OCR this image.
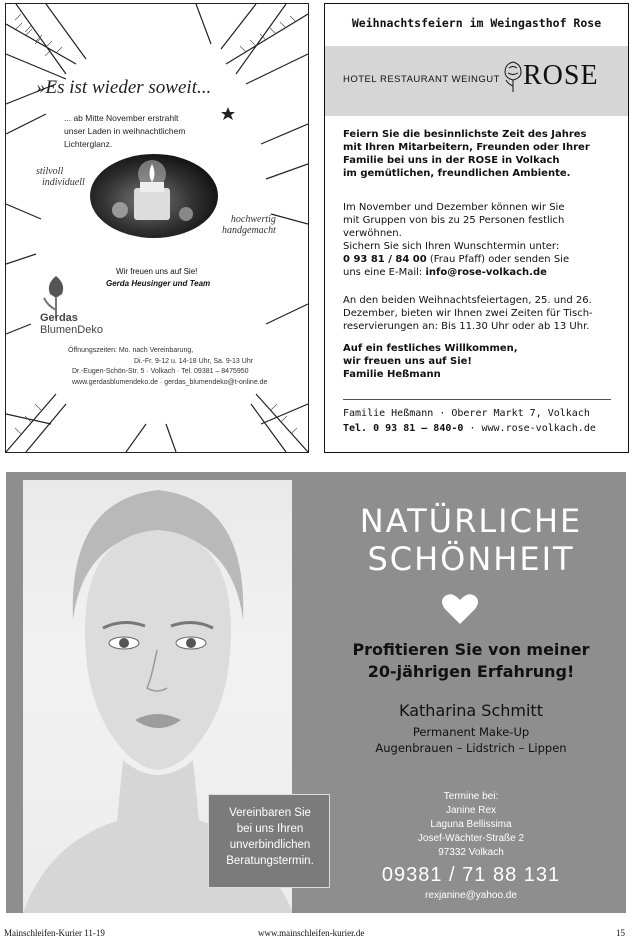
»Es ist wieder soweit...
... ab Mitte November erstrahlt
unser Laden in weihnachtlichem
Lichterglanz.
stilvoll
individuell
hochwertig
handgemacht
Wir freuen uns auf Sie!
Gerda Heusinger und Team
Gerdas
BlumenDeko
Öffnungszeiten: Mo. nach Vereinbarung,
Di.-Fr. 9-12 u. 14-18 Uhr, Sa. 9-13 Uhr
Dr.-Eugen-Schön-Str. 5 · Volkach · Tel. 09381 – 8475950
www.gerdasblumendeko.de · gerdas_blumendeko@t-online.de
Weihnachtsfeiern im Weingasthof Rose
HOTEL RESTAURANT WEINGUT ROSE
Feiern Sie die besinnlichste Zeit des Jahres
mit Ihren Mitarbeitern, Freunden oder Ihrer
Familie bei uns in der ROSE in Volkach
im gemütlichen, freundlichen Ambiente.
Im November und Dezember können wir Sie
mit Gruppen von bis zu 25 Personen festlich
verwöhnen.
Sichern Sie sich Ihren Wunschtermin unter:
0 93 81 / 84 00 (Frau Pfaff) oder senden Sie
uns eine E-Mail: info@rose-volkach.de
An den beiden Weihnachtsfeiertagen, 25. und 26.
Dezember, bieten wir Ihnen zwei Zeiten für Tisch-
reservierungen an: Bis 11.30 Uhr oder ab 13 Uhr.
Auf ein festliches Willkommen,
wir freuen uns auf Sie!
Familie Heßmann
Familie Heßmann · Oberer Markt 7, Volkach
Tel. 0 93 81 – 840-0 · www.rose-volkach.de
Vereinbaren Sie
bei uns Ihren
unverbindlichen
Beratungstermin.
NATÜRLICHE
SCHÖNHEIT
Profitieren Sie von meiner
20-jährigen Erfahrung!
Katharina Schmitt
Permanent Make-Up
Augenbrauen – Lidstrich – Lippen
Termine bei:
Janine Rex
Laguna Bellissima
Josef-Wächter-Straße 2
97332 Volkach
09381 / 71 88 131
rexjanine@yahoo.de
Mainschleifen-Kurier 11-19	www.mainschleifen-kurier.de	15
